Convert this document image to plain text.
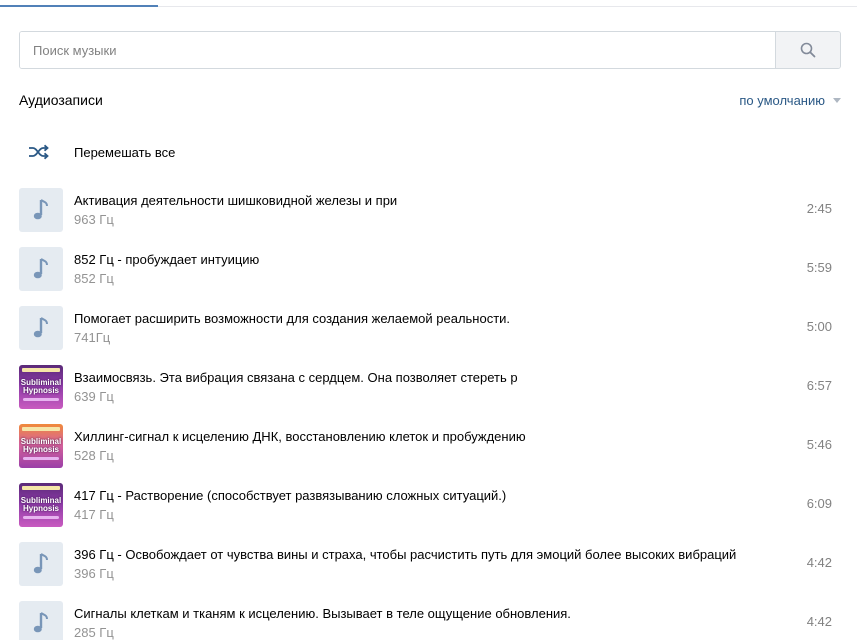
Поиск музыки
Аудиозаписи	по умолчанию
Перемешать все
Активация деятельности шишковидной железы и при
963 Гц
2:45
852 Гц - пробуждает интуицию
852 Гц
5:59
Помогает расширить возможности для создания желаемой реальности.
741Гц
5:00
Subliminal Hypnosis
Взаимосвязь. Эта вибрация связана с сердцем. Она позволяет стереть р
639 Гц
6:57
Subliminal Hypnosis
Хиллинг-сигнал к исцелению ДНК, восстановлению клеток и пробуждению
528 Гц
5:46
Subliminal Hypnosis
417 Гц - Растворение (способствует развязыванию сложных ситуаций.)
417 Гц
6:09
396 Гц - Освобождает от чувства вины и страха, чтобы расчистить путь для эмоций более высоких вибраций
396 Гц
4:42
Сигналы клеткам и тканям к исцелению. Вызывает в теле ощущение обновления.
285 Гц
4:42
